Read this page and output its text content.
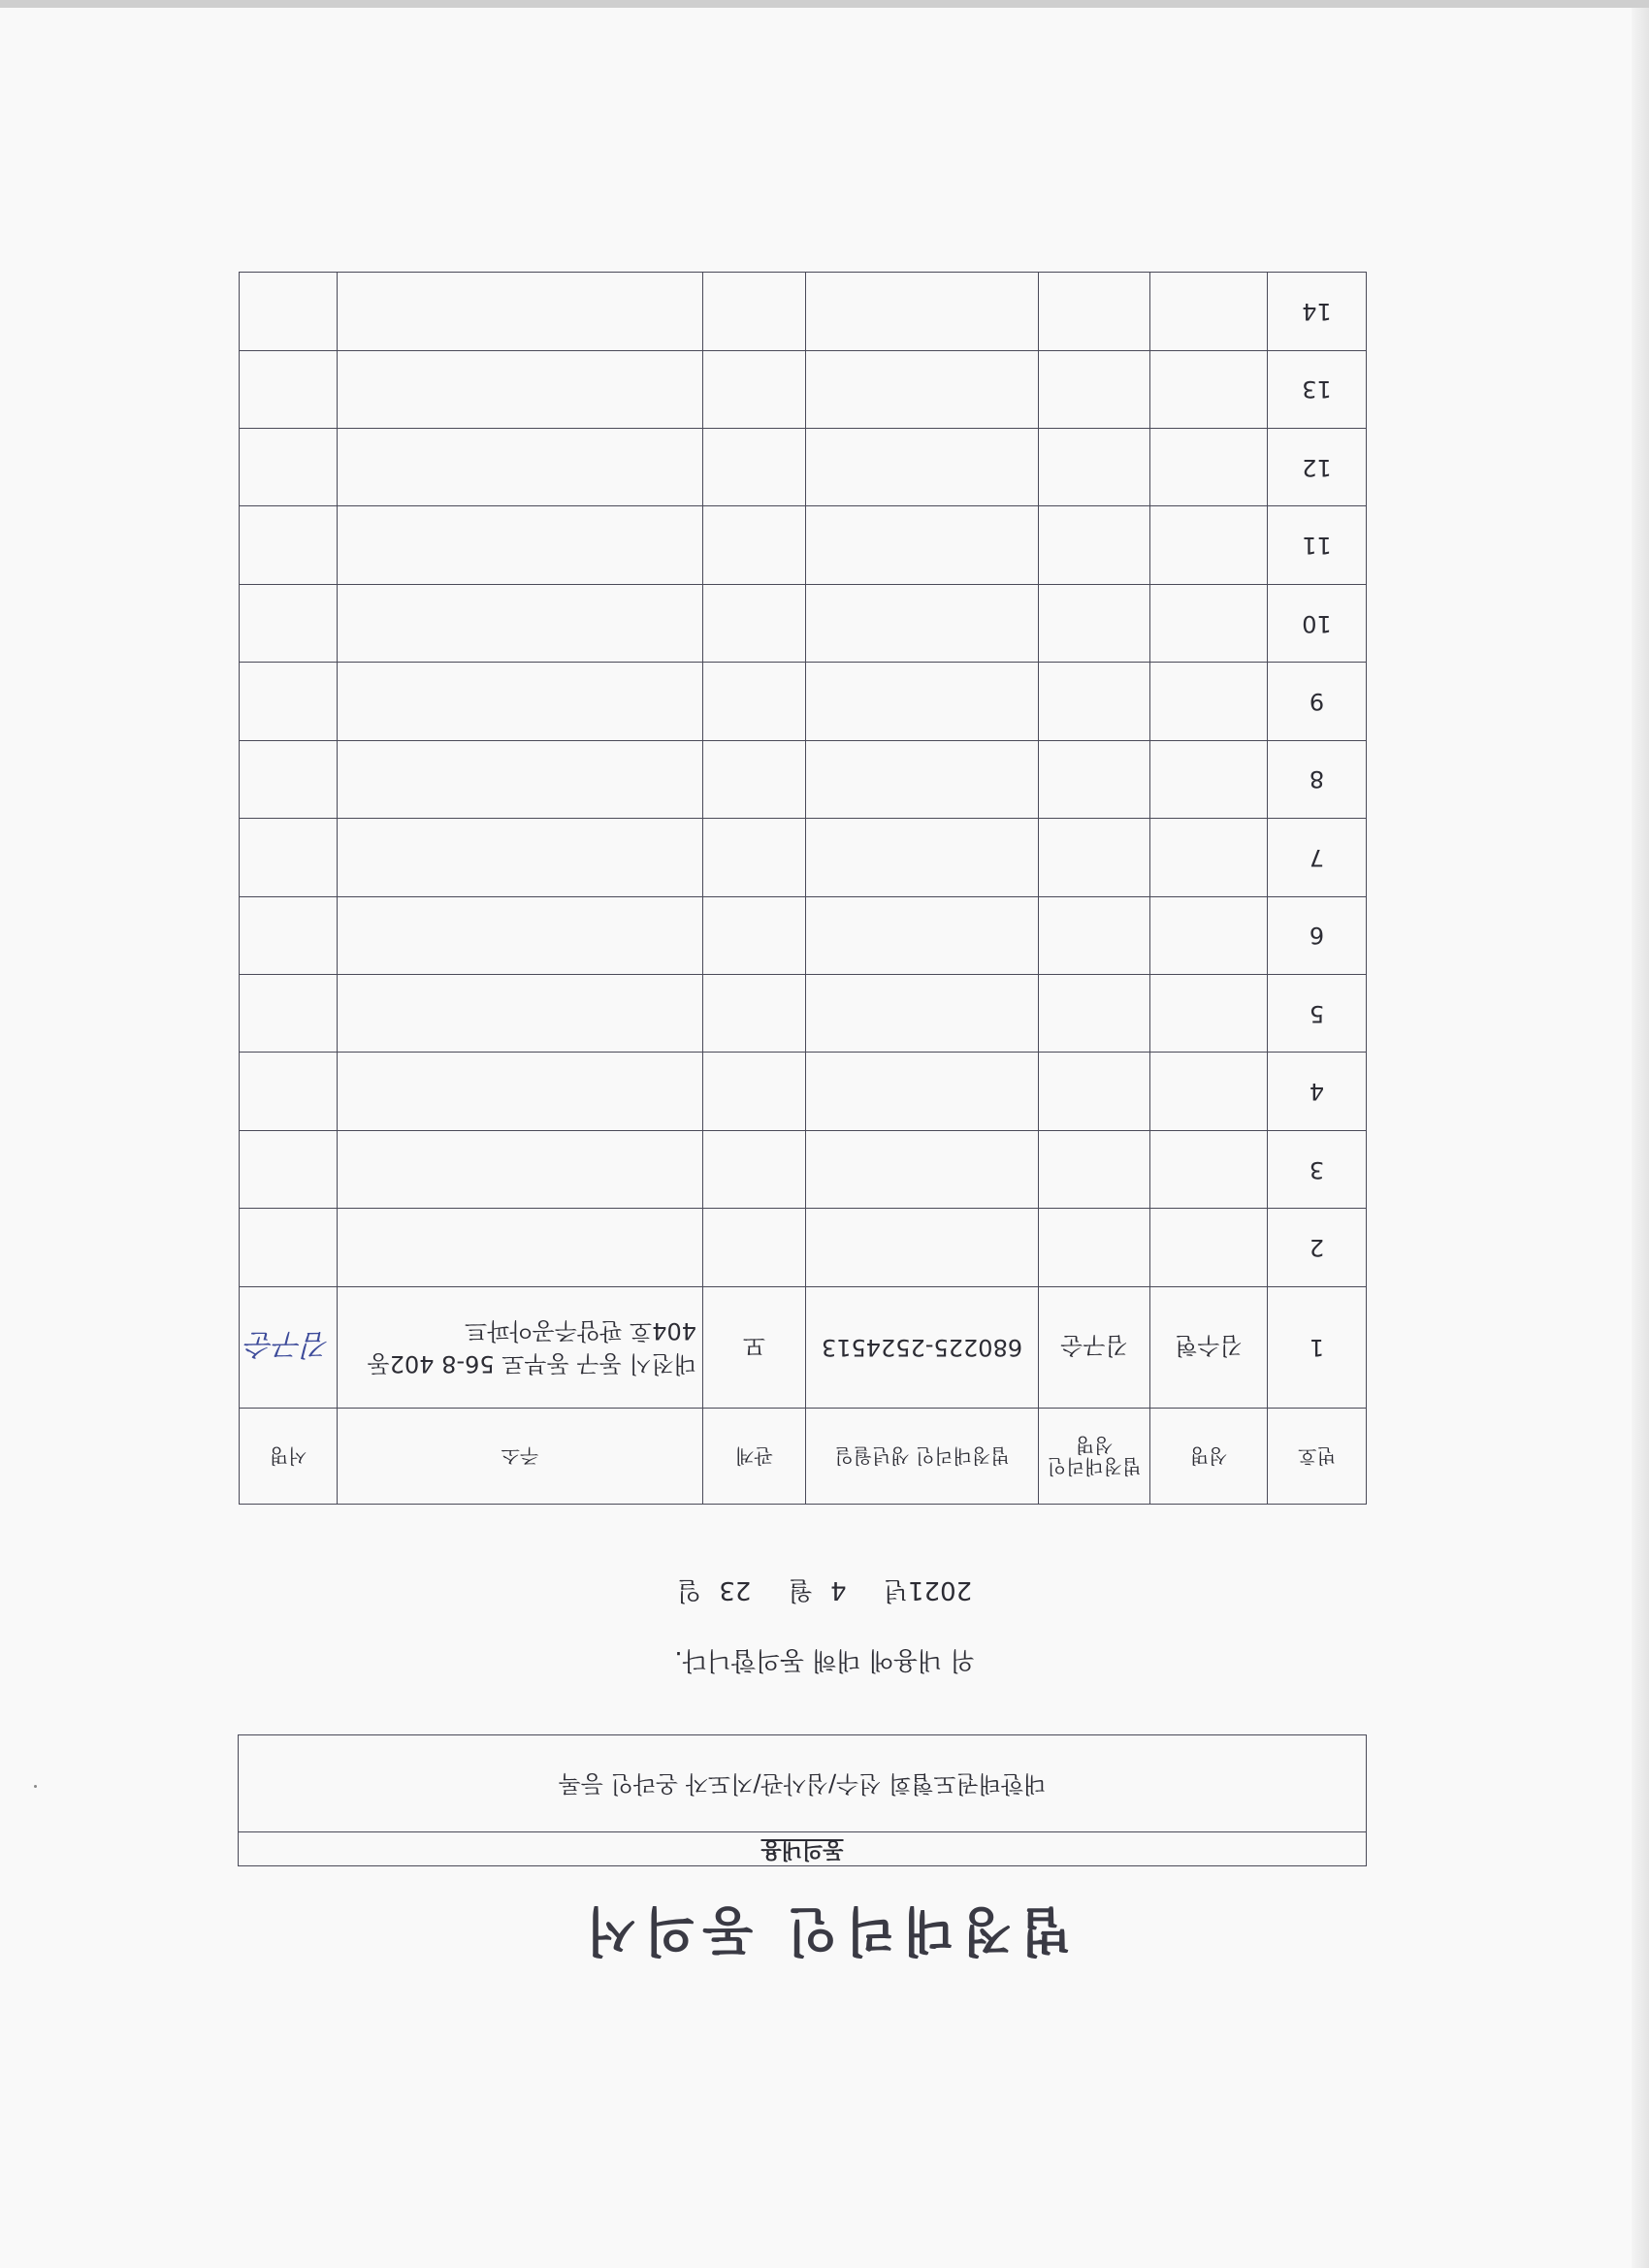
법정대리인 동의서
동의내용
대한태권도협회 선수/심사관/지도자 온라인 등록
위 내용에 대해 동의합니다.
2021년 4 월 23 일
번호	성명	법정대리인 성명	법정대리인 생년월일	관계	주소	서명
1	김수현	김구순	680225-2524513	모	대전시 동구 동부로 56-8 402동 404호 판암주공아파트	김구순
2						
3						
4						
5						
6						
7						
8						
9						
10						
11						
12						
13						
14						
